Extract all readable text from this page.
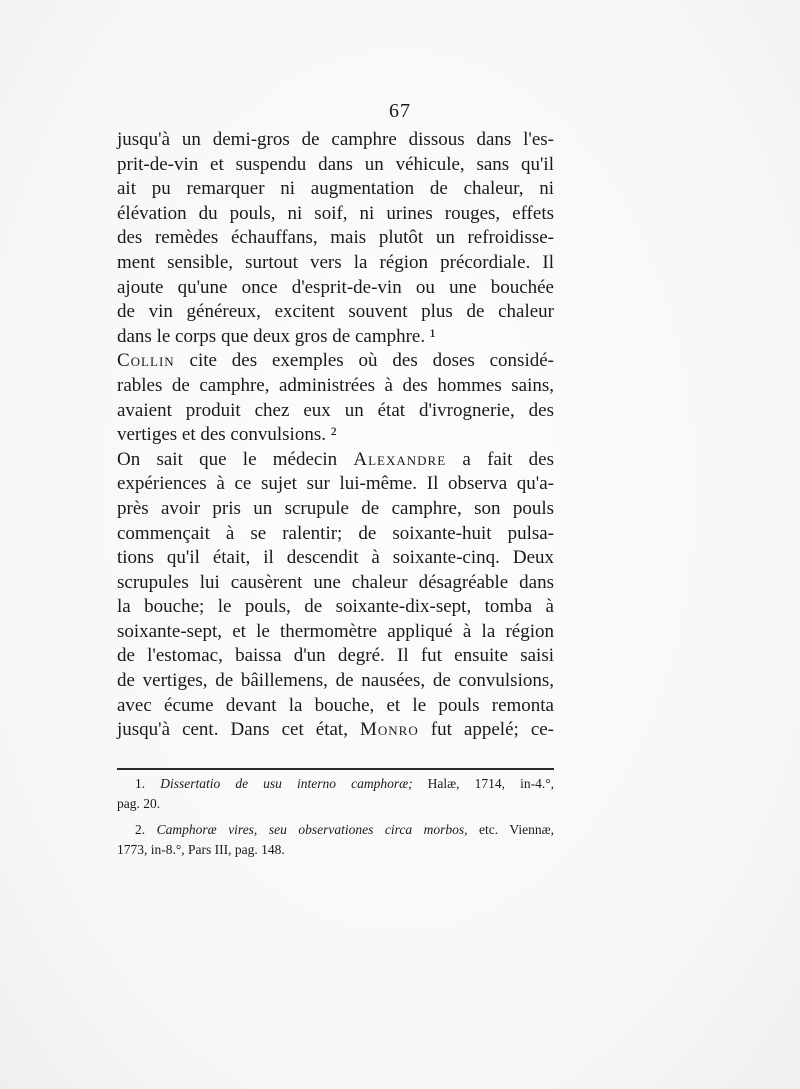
67
jusqu'à un demi-gros de camphre dissous dans l'es-
prit-de-vin et suspendu dans un véhicule, sans qu'il
ait pu remarquer ni augmentation de chaleur, ni
élévation du pouls, ni soif, ni urines rouges, effets
des remèdes échauffans, mais plutôt un refroidisse-
ment sensible, surtout vers la région précordiale. Il
ajoute qu'une once d'esprit-de-vin ou une bouchée
de vin généreux, excitent souvent plus de chaleur
dans le corps que deux gros de camphre. ¹
Collin cite des exemples où des doses considé-
rables de camphre, administrées à des hommes sains,
avaient produit chez eux un état d'ivrognerie, des
vertiges et des convulsions. ²
On sait que le médecin Alexandre a fait des
expériences à ce sujet sur lui-même. Il observa qu'a-
près avoir pris un scrupule de camphre, son pouls
commençait à se ralentir; de soixante-huit pulsa-
tions qu'il était, il descendit à soixante-cinq. Deux
scrupules lui causèrent une chaleur désagréable dans
la bouche; le pouls, de soixante-dix-sept, tomba à
soixante-sept, et le thermomètre appliqué à la région
de l'estomac, baissa d'un degré. Il fut ensuite saisi
de vertiges, de bâillemens, de nausées, de convulsions,
avec écume devant la bouche, et le pouls remonta
jusqu'à cent. Dans cet état, Monro fut appelé; ce-
1. Dissertatio de usu interno camphoræ; Halæ, 1714, in-4.°,
pag. 20.
2. Camphoræ vires, seu observationes circa morbos, etc. Viennæ,
1773, in-8.°, Pars III, pag. 148.
